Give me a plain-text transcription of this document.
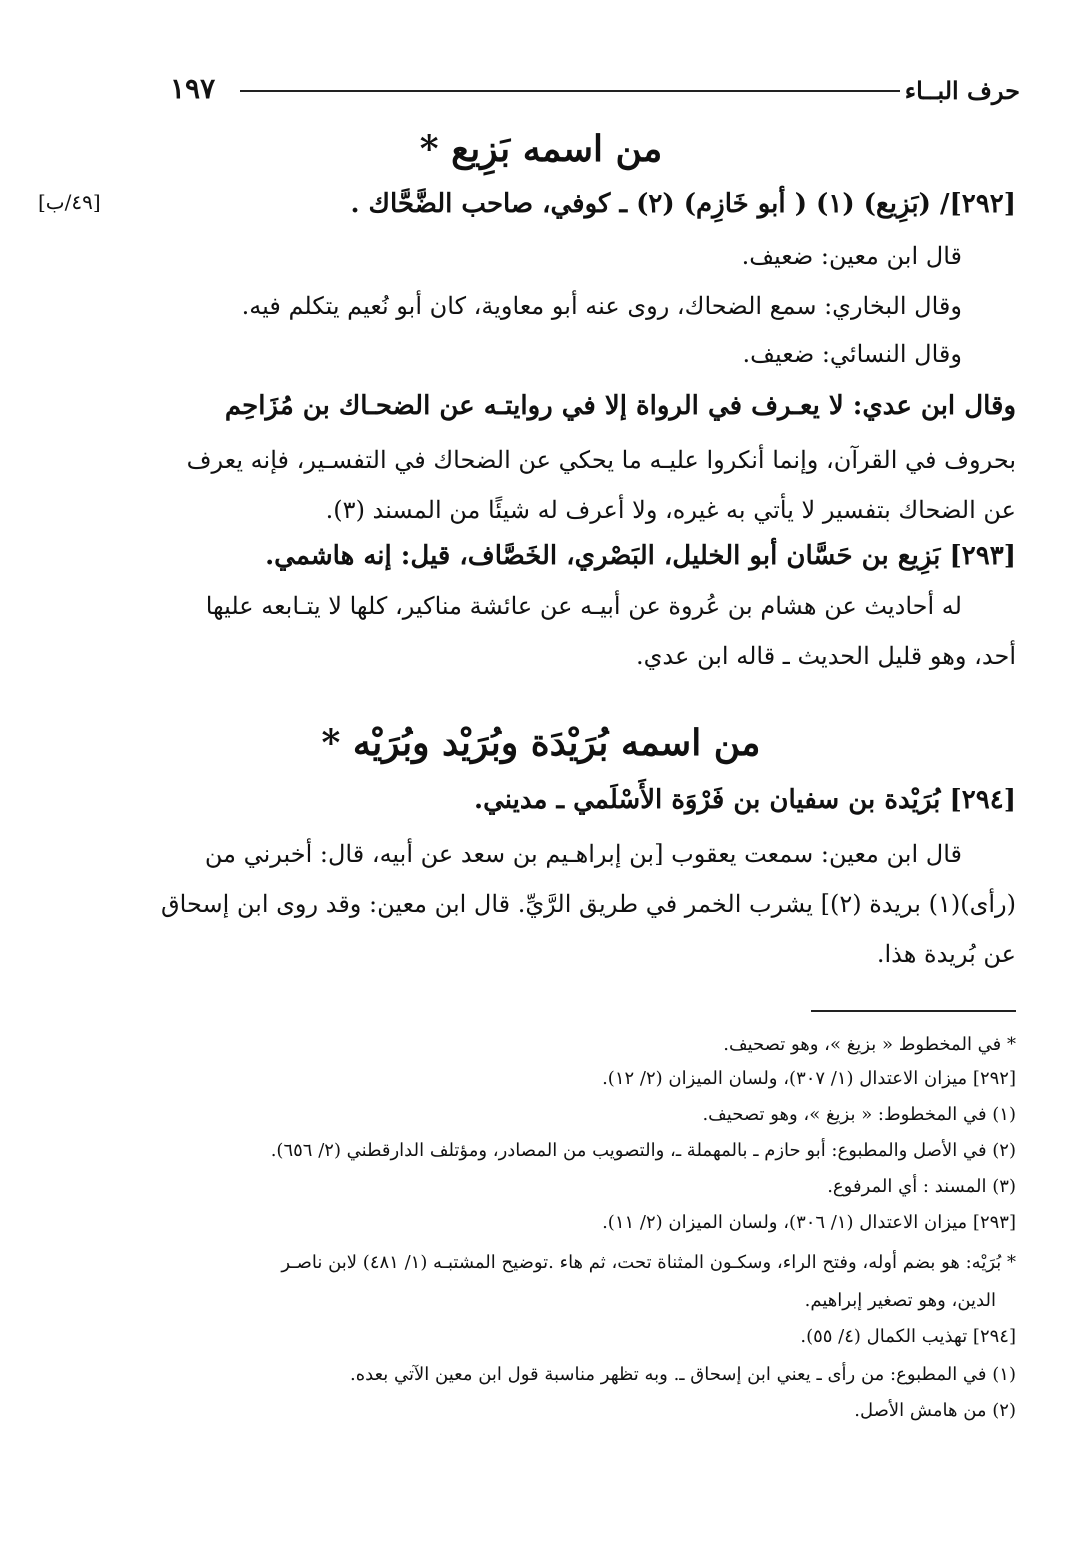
حرف البــاء
١٩٧
من اسمه بَزِيع *
[٤٩/ب]	[٢٩٢]/ (بَزِيع) (١) ( أبو خَازِم) (٢) ـ كوفي، صاحب الضَّحَّاك .
قال ابن معين: ضعيف.
وقال البخاري: سمع الضحاك، روى عنه أبو معاوية، كان أبو نُعيم يتكلم فيه.
وقال النسائي: ضعيف.
وقال ابن عدي: لا يعـرف في الرواة إلا في روايتـه عن الضحـاك بن مُزَاحِم
بحروف في القرآن، وإنما أنكروا عليـه ما يحكي عن الضحاك في التفسـير، فإنه يعرف
عن الضحاك بتفسير لا يأتي به غيره، ولا أعرف له شيئًا من المسند (٣).
[٢٩٣] بَزِيع بن حَسَّان أبو الخليل، البَصْري، الخَصَّاف، قيل: إنه هاشمي.
له أحاديث عن هشام بن عُروة عن أبيـه عن عائشة مناكير، كلها لا يتـابعه عليها
أحد، وهو قليل الحديث ـ قاله ابن عدي.
من اسمه بُرَيْدَة وبُرَيْد وبُرَيْه *
[٢٩٤] بُرَيْدة بن سفيان بن فَرْوَة الأَسْلَمي ـ مديني.
قال ابن معين: سمعت يعقوب [بن إبراهـيم بن سعد عن أبيه، قال: أخبرني من
(رأى)(١) بريدة (٢)] يشرب الخمر في طريق الرَّيِّ. قال ابن معين: وقد روى ابن إسحاق
عن بُريدة هذا.
* في المخطوط « بزيغ »، وهو تصحيف.
[٢٩٢] ميزان الاعتدال (١/ ٣٠٧)، ولسان الميزان (٢/ ١٢).
(١) في المخطوط: « بزيغ »، وهو تصحيف.
(٢) في الأصل والمطبوع: أبو حازم ـ بالمهملة ـ، والتصويب من المصادر، ومؤتلف الدارقطني (٢/ ٦٥٦).
(٣) المسند : أي المرفوع.
[٢٩٣] ميزان الاعتدال (١/ ٣٠٦)، ولسان الميزان (٢/ ١١).
* بُرَيْه: هو بضم أوله، وفتح الراء، وسكـون المثناة تحت، ثم هاء .توضيح المشتبـه (١/ ٤٨١) لابن ناصـر
الدين، وهو تصغير إبراهيم.
[٢٩٤] تهذيب الكمال (٤/ ٥٥).
(١) في المطبوع: من رأى ـ يعني ابن إسحاق ـ. وبه تظهر مناسبة قول ابن معين الآتي بعده.
(٢) من هامش الأصل.
